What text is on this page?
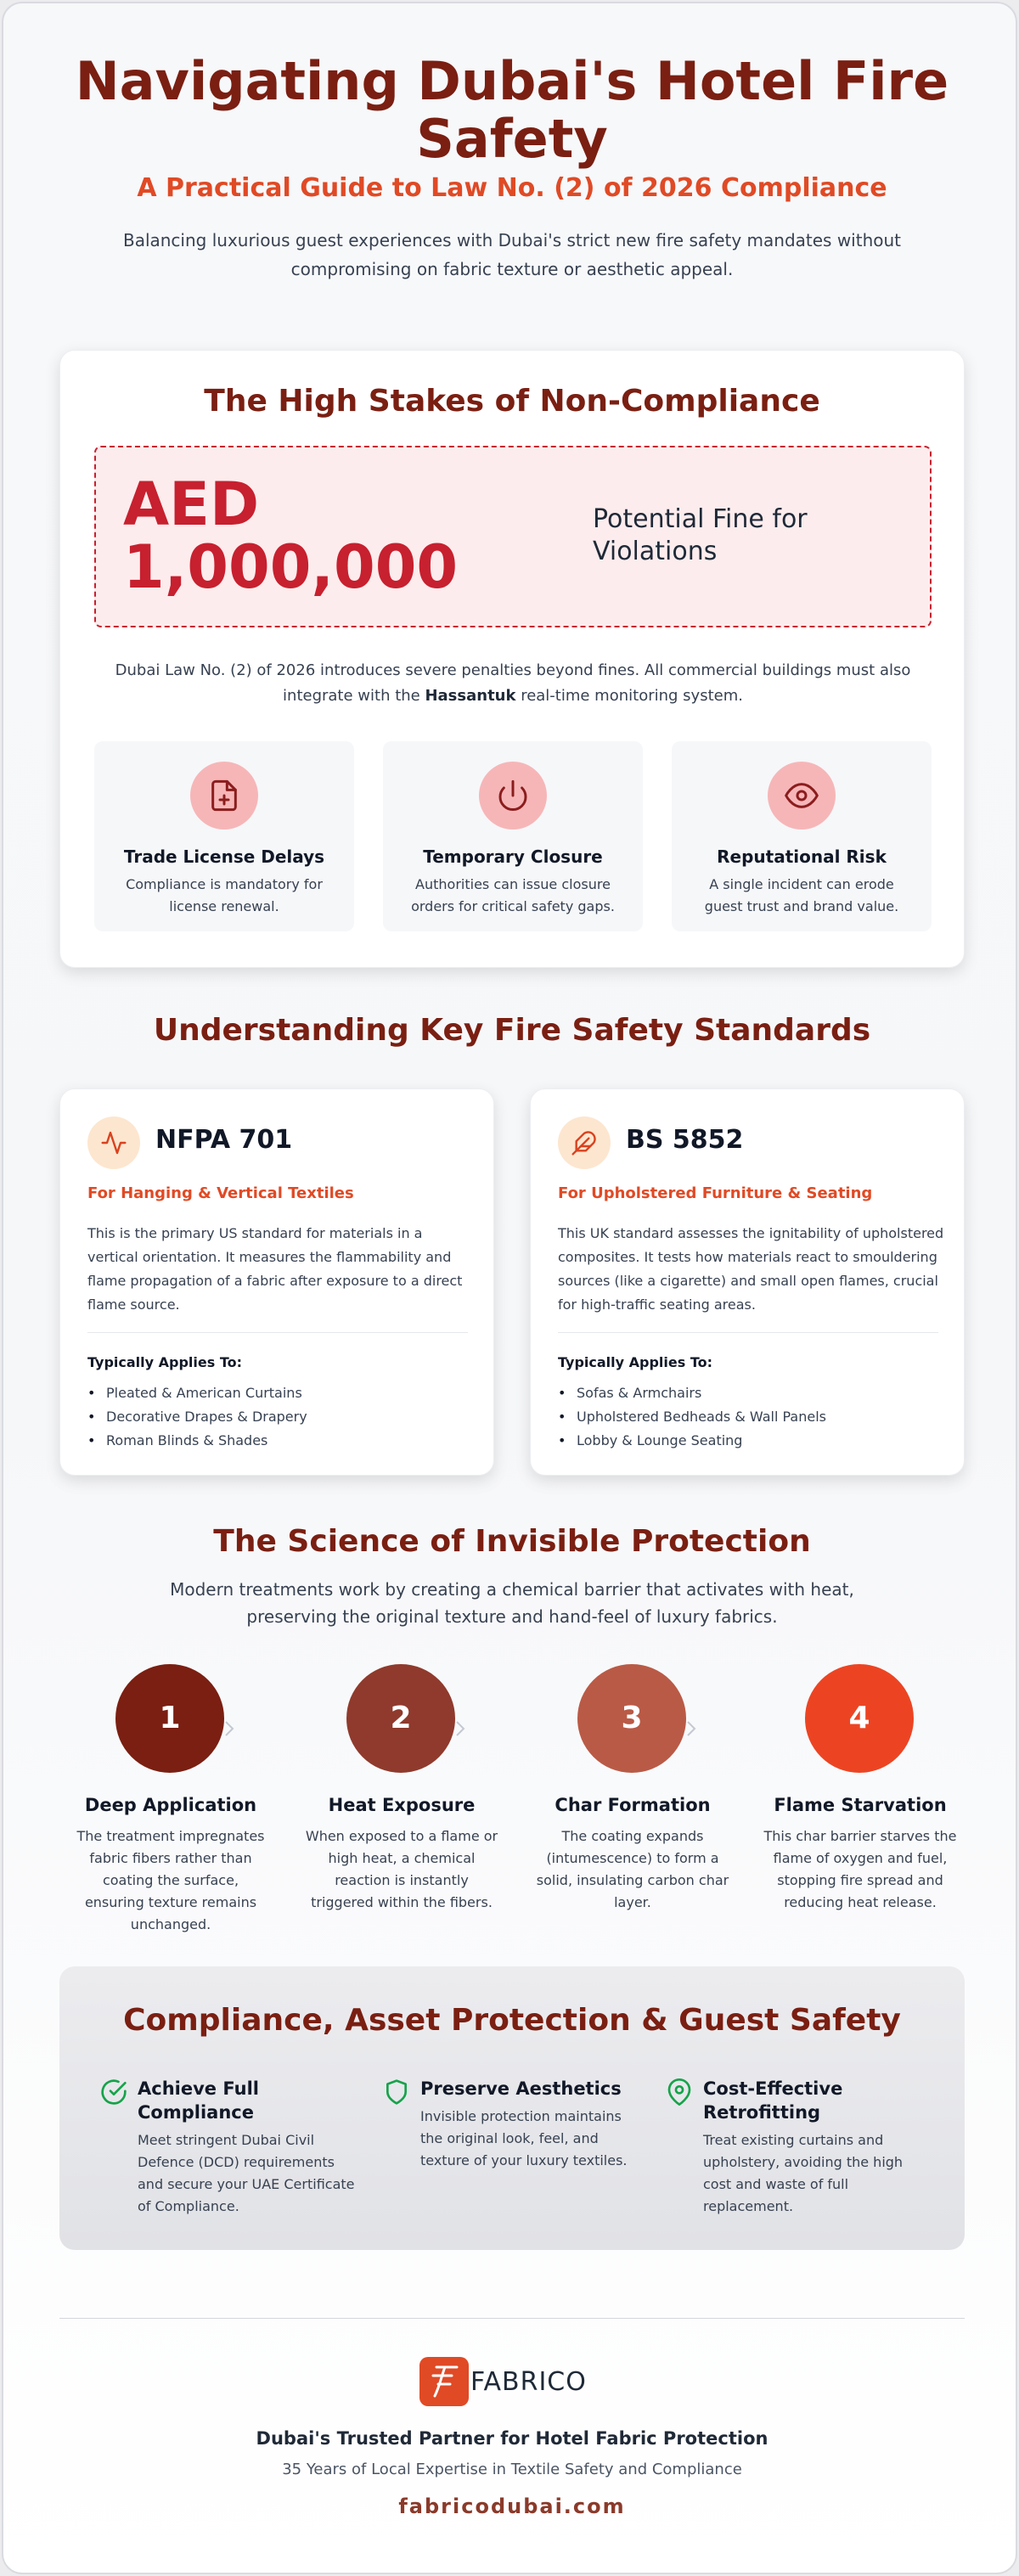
Navigating Dubai's Hotel Fire Safety
A Practical Guide to Law No. (2) of 2026 Compliance
Balancing luxurious guest experiences with Dubai's strict new fire safety mandates without compromising on fabric texture or aesthetic appeal.
The High Stakes of Non-Compliance
AED 1,000,000
Potential Fine for Violations
Dubai Law No. (2) of 2026 introduces severe penalties beyond fines. All commercial buildings must also integrate with the Hassantuk real-time monitoring system.
Trade License Delays
Compliance is mandatory for license renewal.
Temporary Closure
Authorities can issue closure orders for critical safety gaps.
Reputational Risk
A single incident can erode guest trust and brand value.
Understanding Key Fire Safety Standards
NFPA 701
For Hanging & Vertical Textiles
This is the primary US standard for materials in a vertical orientation. It measures the flammability and flame propagation of a fabric after exposure to a direct flame source.
Typically Applies To:
• Pleated & American Curtains
• Decorative Drapes & Drapery
• Roman Blinds & Shades
BS 5852
For Upholstered Furniture & Seating
This UK standard assesses the ignitability of upholstered composites. It tests how materials react to smouldering sources (like a cigarette) and small open flames, crucial for high-traffic seating areas.
Typically Applies To:
• Sofas & Armchairs
• Upholstered Bedheads & Wall Panels
• Lobby & Lounge Seating
The Science of Invisible Protection
Modern treatments work by creating a chemical barrier that activates with heat, preserving the original texture and hand-feel of luxury fabrics.
1
Deep Application
The treatment impregnates fabric fibers rather than coating the surface, ensuring texture remains unchanged.
2
Heat Exposure
When exposed to a flame or high heat, a chemical reaction is instantly triggered within the fibers.
3
Char Formation
The coating expands (intumescence) to form a solid, insulating carbon char layer.
4
Flame Starvation
This char barrier starves the flame of oxygen and fuel, stopping fire spread and reducing heat release.
Compliance, Asset Protection & Guest Safety
Achieve Full Compliance
Meet stringent Dubai Civil Defence (DCD) requirements and secure your UAE Certificate of Compliance.
Preserve Aesthetics
Invisible protection maintains the original look, feel, and texture of your luxury textiles.
Cost-Effective Retrofitting
Treat existing curtains and upholstery, avoiding the high cost and waste of full replacement.
FABRICO
Dubai's Trusted Partner for Hotel Fabric Protection
35 Years of Local Expertise in Textile Safety and Compliance
fabricodubai.com
